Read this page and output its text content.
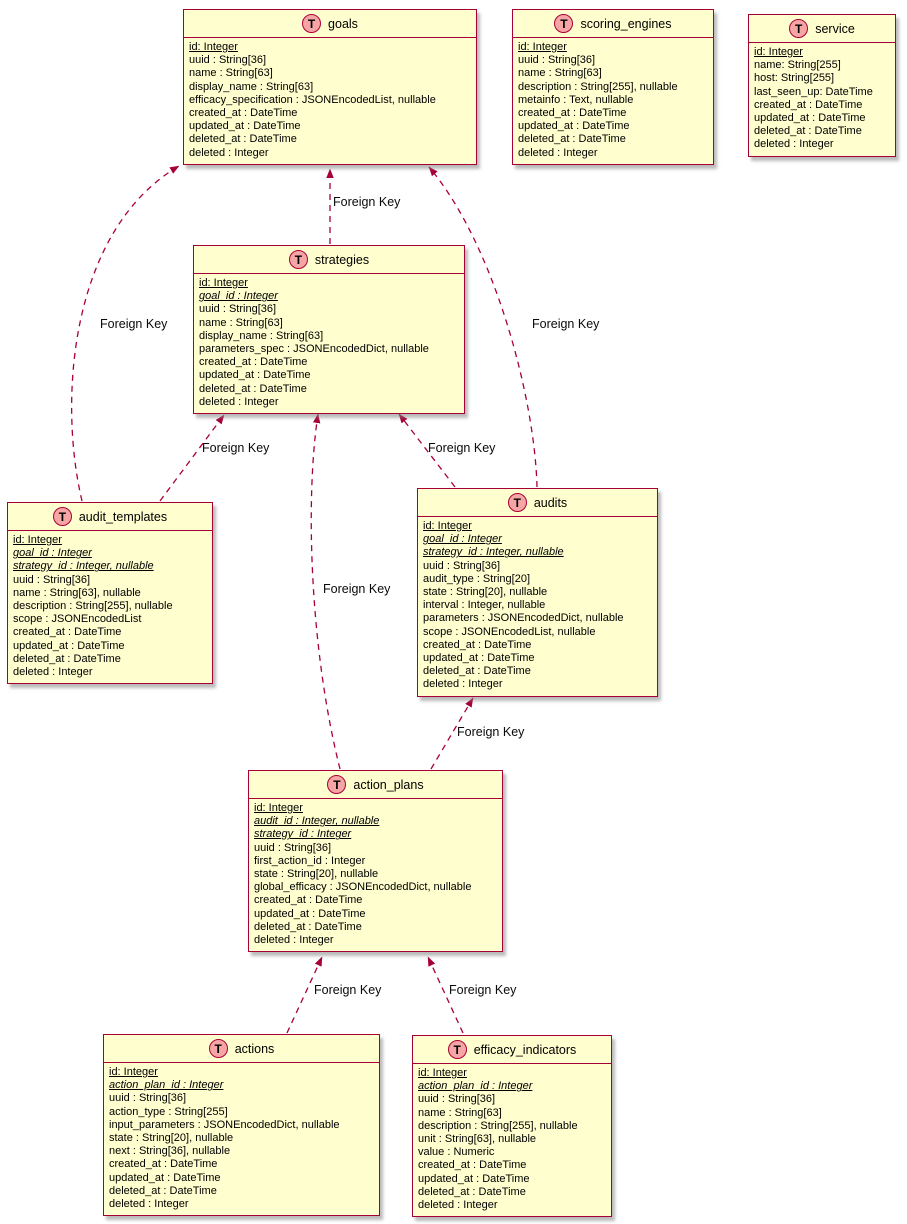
T	goals
id: Integer
uuid : String[36]
name : String[63]
display_name : String[63]
efficacy_specification : JSONEncodedList, nullable
created_at : DateTime
updated_at : DateTime
deleted_at : DateTime
deleted : Integer
T	scoring_engines
id: Integer
uuid : String[36]
name : String[63]
description : String[255], nullable
metainfo : Text, nullable
created_at : DateTime
updated_at : DateTime
deleted_at : DateTime
deleted : Integer
T	service
id: Integer
name: String[255]
host: String[255]
last_seen_up: DateTime
created_at : DateTime
updated_at : DateTime
deleted_at : DateTime
deleted : Integer
T	strategies
id: Integer
goal_id : Integer
uuid : String[36]
name : String[63]
display_name : String[63]
parameters_spec : JSONEncodedDict, nullable
created_at : DateTime
updated_at : DateTime
deleted_at : DateTime
deleted : Integer
T	audit_templates
id: Integer
goal_id : Integer
strategy_id : Integer, nullable
uuid : String[36]
name : String[63], nullable
description : String[255], nullable
scope : JSONEncodedList
created_at : DateTime
updated_at : DateTime
deleted_at : DateTime
deleted : Integer
T	audits
id: Integer
goal_id : Integer
strategy_id : Integer, nullable
uuid : String[36]
audit_type : String[20]
state : String[20], nullable
interval : Integer, nullable
parameters : JSONEncodedDict, nullable
scope : JSONEncodedList, nullable
created_at : DateTime
updated_at : DateTime
deleted_at : DateTime
deleted : Integer
T	action_plans
id: Integer
audit_id : Integer, nullable
strategy_id : Integer
uuid : String[36]
first_action_id : Integer
state : String[20], nullable
global_efficacy : JSONEncodedDict, nullable
created_at : DateTime
updated_at : DateTime
deleted_at : DateTime
deleted : Integer
T	actions
id: Integer
action_plan_id : Integer
uuid : String[36]
action_type : String[255]
input_parameters : JSONEncodedDict, nullable
state : String[20], nullable
next : String[36], nullable
created_at : DateTime
updated_at : DateTime
deleted_at : DateTime
deleted : Integer
T	efficacy_indicators
id: Integer
action_plan_id : Integer
uuid : String[36]
name : String[63]
description : String[255], nullable
unit : String[63], nullable
value : Numeric
created_at : DateTime
updated_at : DateTime
deleted_at : DateTime
deleted : Integer
Foreign Key
Foreign Key
Foreign Key
Foreign Key	Foreign Key
Foreign Key
Foreign Key
Foreign Key	Foreign Key
